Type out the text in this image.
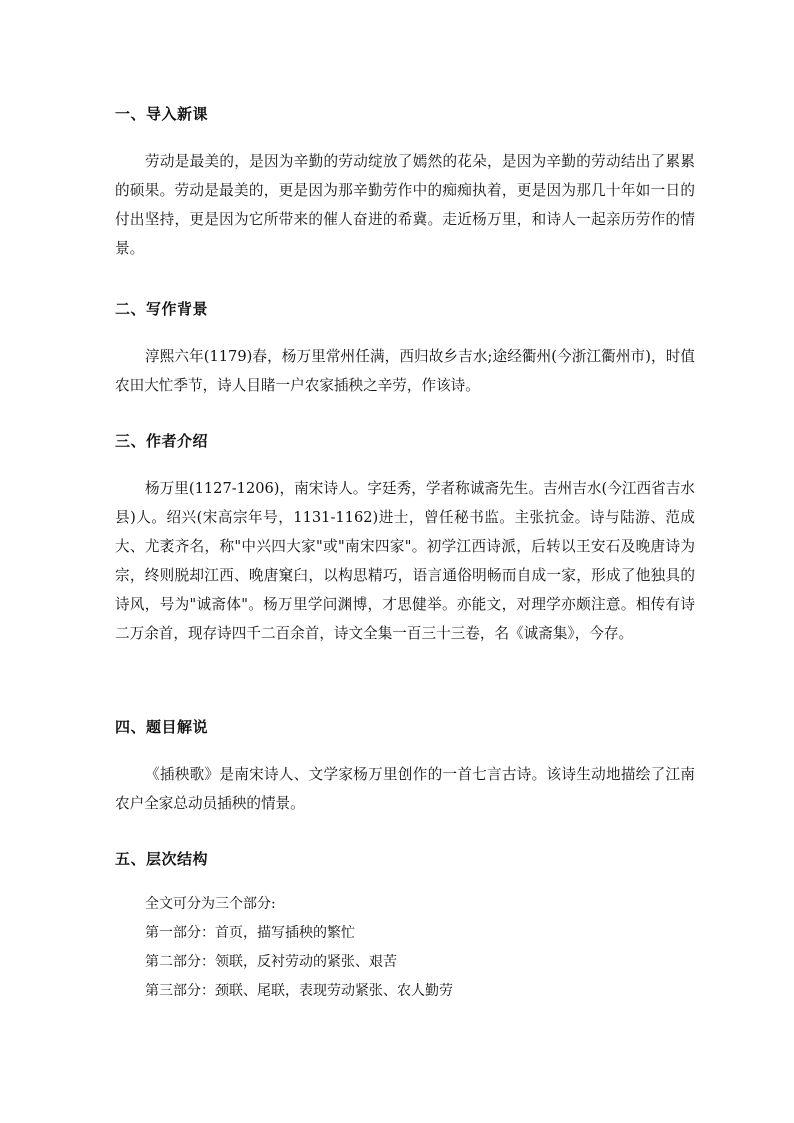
一、导入新课

劳动是最美的，是因为辛勤的劳动绽放了嫣然的花朵，是因为辛勤的劳动结出了累累的硕果。劳动是最美的，更是因为那辛勤劳作中的痴痴执着，更是因为那几十年如一日的付出坚持，更是因为它所带来的催人奋进的希冀。走近杨万里，和诗人一起亲历劳作的情景。

二、写作背景

淳熙六年(1179)春，杨万里常州任满，西归故乡吉水;途经衢州(今浙江衢州市)，时值农田大忙季节，诗人目睹一户农家插秧之辛劳，作该诗。

三、作者介绍

杨万里(1127-1206)，南宋诗人。字廷秀，学者称诚斋先生。吉州吉水(今江西省吉水县)人。绍兴(宋高宗年号，1131-1162)进士，曾任秘书监。主张抗金。诗与陆游、范成大、尤袤齐名，称"中兴四大家"或"南宋四家"。初学江西诗派，后转以王安石及晚唐诗为宗，终则脱却江西、晚唐窠臼，以构思精巧，语言通俗明畅而自成一家，形成了他独具的诗风，号为"诚斋体"。杨万里学问渊博，才思健举。亦能文，对理学亦颇注意。相传有诗二万余首，现存诗四千二百余首，诗文全集一百三十三卷，名《诚斋集》，今存。

四、题目解说

《插秧歌》是南宋诗人、文学家杨万里创作的一首七言古诗。该诗生动地描绘了江南农户全家总动员插秧的情景。

五、层次结构
全文可分为三个部分:
第一部分：首页，描写插秧的繁忙
第二部分：领联，反衬劳动的紧张、艰苦
第三部分：颈联、尾联，表现劳动紧张、农人勤劳
